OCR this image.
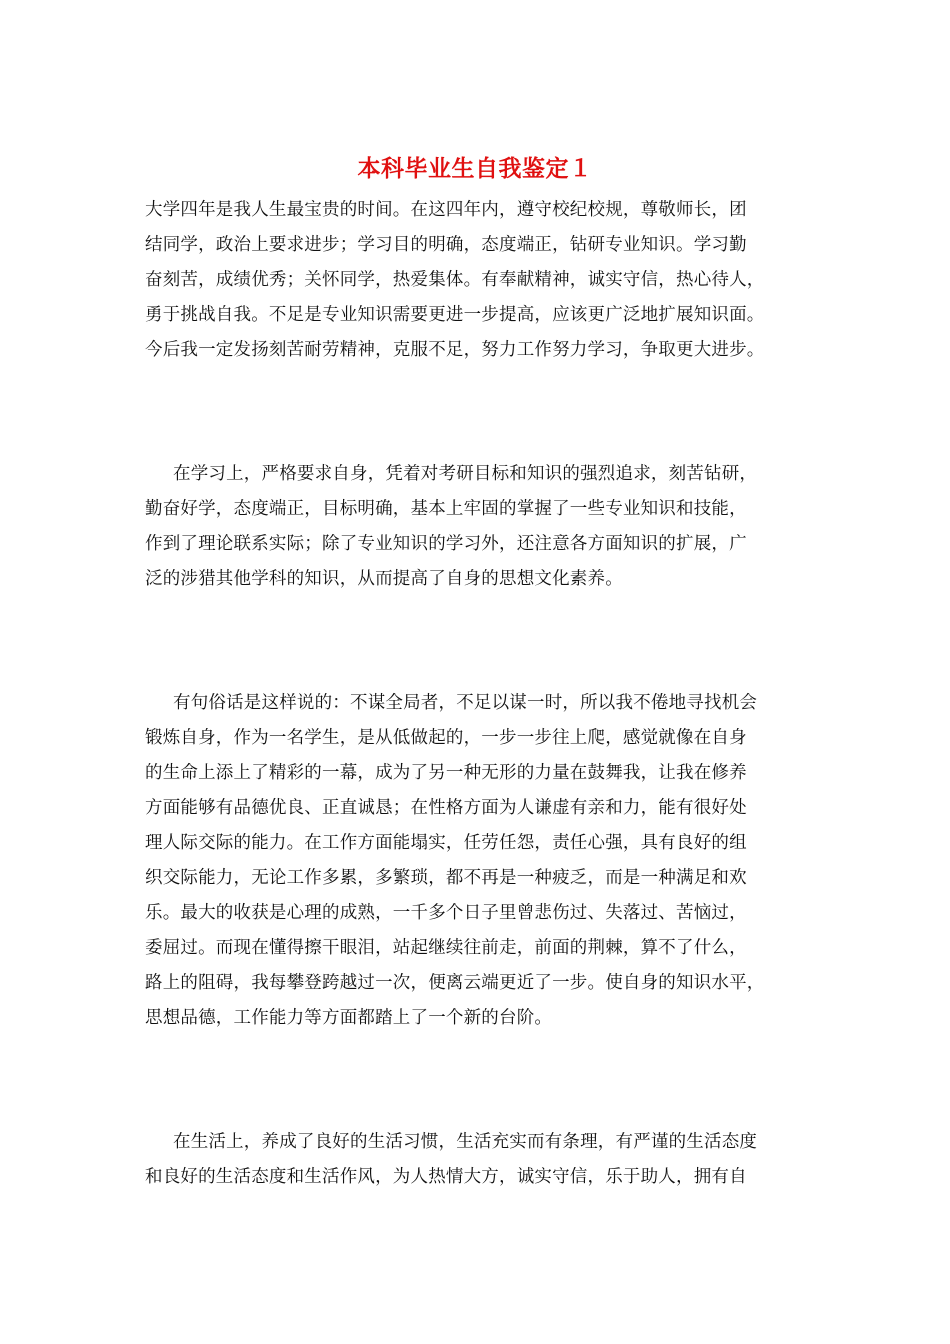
本科毕业生自我鉴定１
大学四年是我人生最宝贵的时间。在这四年内，遵守校纪校规，尊敬师长，团
结同学，政治上要求进步；学习目的明确，态度端正，钻研专业知识。学习勤
奋刻苦，成绩优秀；关怀同学，热爱集体。有奉献精神，诚实守信，热心待人，
勇于挑战自我。不足是专业知识需要更进一步提高，应该更广泛地扩展知识面。
今后我一定发扬刻苦耐劳精神，克服不足，努力工作努力学习，争取更大进步。
在学习上，严格要求自身，凭着对考研目标和知识的强烈追求，刻苦钻研，
勤奋好学，态度端正，目标明确，基本上牢固的掌握了一些专业知识和技能，
作到了理论联系实际；除了专业知识的学习外，还注意各方面知识的扩展，广
泛的涉猎其他学科的知识，从而提高了自身的思想文化素养。
有句俗话是这样说的：不谋全局者，不足以谋一时，所以我不倦地寻找机会
锻炼自身，作为一名学生，是从低做起的，一步一步往上爬，感觉就像在自身
的生命上添上了精彩的一幕，成为了另一种无形的力量在鼓舞我，让我在修养
方面能够有品德优良、正直诚恳；在性格方面为人谦虚有亲和力，能有很好处
理人际交际的能力。在工作方面能塌实，任劳任怨，责任心强，具有良好的组
织交际能力，无论工作多累，多繁琐，都不再是一种疲乏，而是一种满足和欢
乐。最大的收获是心理的成熟，一千多个日子里曾悲伤过、失落过、苦恼过，
委屈过。而现在懂得擦干眼泪，站起继续往前走，前面的荆棘，算不了什么，
路上的阻碍，我每攀登跨越过一次，便离云端更近了一步。使自身的知识水平，
思想品德，工作能力等方面都踏上了一个新的台阶。
在生活上，养成了良好的生活习惯，生活充实而有条理，有严谨的生活态度
和良好的生活态度和生活作风，为人热情大方，诚实守信，乐于助人，拥有自
